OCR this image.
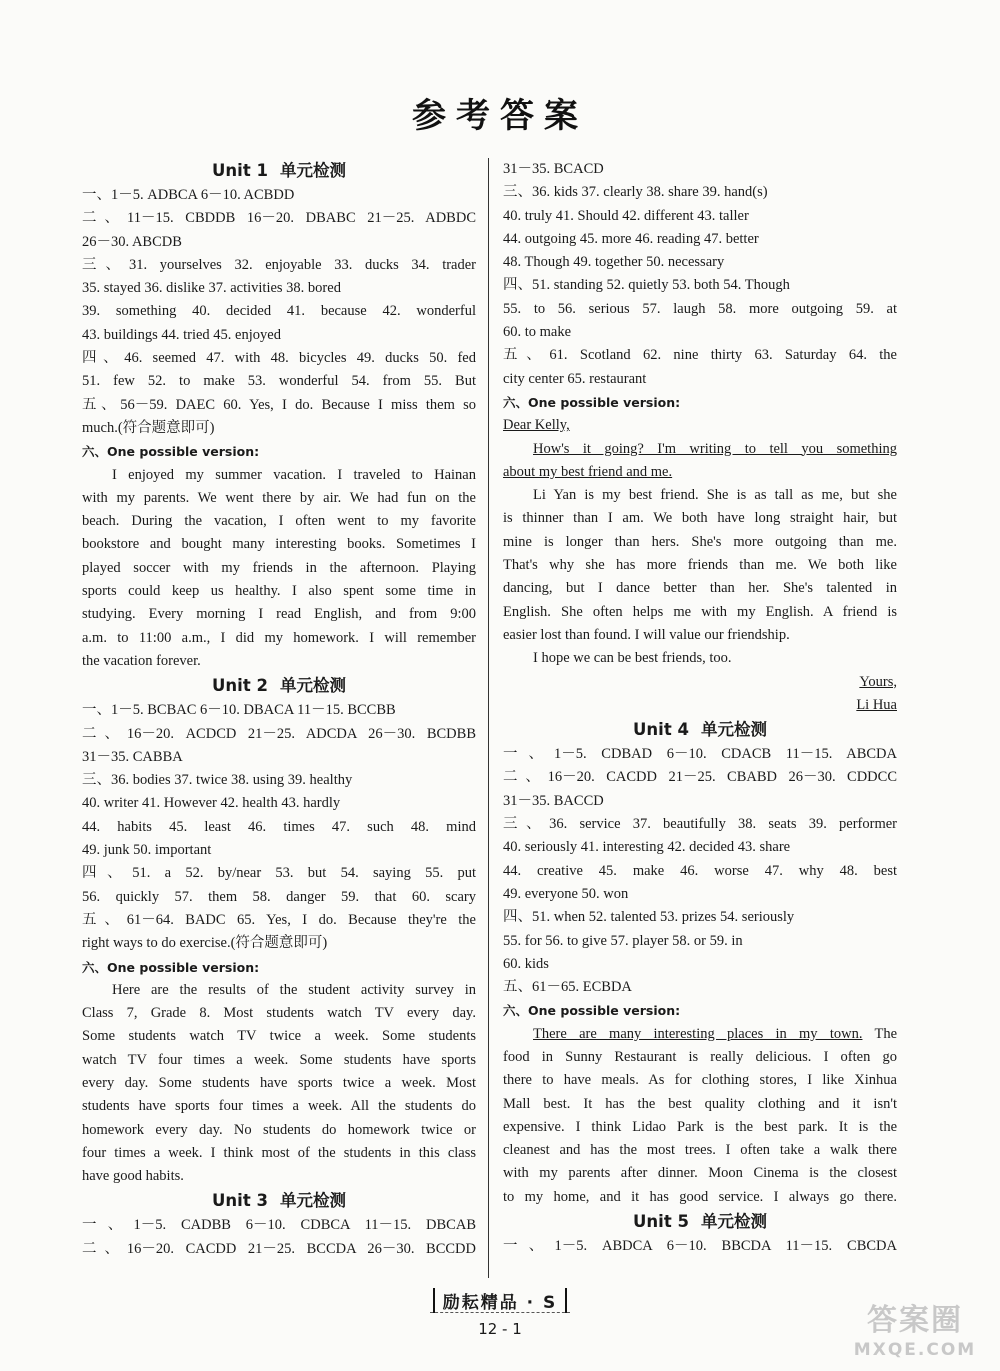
参考答案
Unit 1 单元检测
一、1－5. ADBCA 6－10. ACBDD
二、11－15. CBDDB 16－20. DBABC 21－25. ADBDC
26－30. ABCDB
三、31. yourselves 32. enjoyable 33. ducks 34. trader
35. stayed 36. dislike 37. activities 38. bored
39. something 40. decided 41. because 42. wonderful
43. buildings 44. tried 45. enjoyed
四、46. seemed 47. with 48. bicycles 49. ducks 50. fed
51. few 52. to make 53. wonderful 54. from 55. But
五、56－59. DAEC 60. Yes, I do. Because I miss them so
much.(符合题意即可)
六、One possible version:
I enjoyed my summer vacation. I traveled to Hainan
with my parents. We went there by air. We had fun on the
beach. During the vacation, I often went to my favorite
bookstore and bought many interesting books. Sometimes I
played soccer with my friends in the afternoon. Playing
sports could keep us healthy. I also spent some time in
studying. Every morning I read English, and from 9:00
a.m. to 11:00 a.m., I did my homework. I will remember
the vacation forever.
Unit 2 单元检测
一、1－5. BCBAC 6－10. DBACA 11－15. BCCBB
二、16－20. ACDCD 21－25. ADCDA 26－30. BCDBB
31－35. CABBA
三、36. bodies 37. twice 38. using 39. healthy
40. writer 41. However 42. health 43. hardly
44. habits 45. least 46. times 47. such 48. mind
49. junk 50. important
四、51. a 52. by/near 53. but 54. saying 55. put
56. quickly 57. them 58. danger 59. that 60. scary
五、61－64. BADC 65. Yes, I do. Because they're the
right ways to do exercise.(符合题意即可)
六、One possible version:
Here are the results of the student activity survey in
Class 7, Grade 8. Most students watch TV every day.
Some students watch TV twice a week. Some students
watch TV four times a week. Some students have sports
every day. Some students have sports twice a week. Most
students have sports four times a week. All the students do
homework every day. No students do homework twice or
four times a week. I think most of the students in this class
have good habits.
Unit 3 单元检测
一、1－5. CADBB 6－10. CDBCA 11－15. DBCAB
二、16－20. CACDD 21－25. BCCDA 26－30. BCCDD
31－35. BCACD
三、36. kids 37. clearly 38. share 39. hand(s)
40. truly 41. Should 42. different 43. taller
44. outgoing 45. more 46. reading 47. better
48. Though 49. together 50. necessary
四、51. standing 52. quietly 53. both 54. Though
55. to 56. serious 57. laugh 58. more outgoing 59. at
60. to make
五、61. Scotland 62. nine thirty 63. Saturday 64. the
city center 65. restaurant
六、One possible version:
Dear Kelly,
How's it going? I'm writing to tell you something
about my best friend and me.
Li Yan is my best friend. She is as tall as me, but she
is thinner than I am. We both have long straight hair, but
mine is longer than hers. She's more outgoing than me.
That's why she has more friends than me. We both like
dancing, but I dance better than her. She's talented in
English. She often helps me with my English. A friend is
easier lost than found. I will value our friendship.
I hope we can be best friends, too.
Yours,
Li Hua
Unit 4 单元检测
一、1－5. CDBAD 6－10. CDACB 11－15. ABCDA
二、16－20. CACDD 21－25. CBABD 26－30. CDDCC
31－35. BACCD
三、36. service 37. beautifully 38. seats 39. performer
40. seriously 41. interesting 42. decided 43. share
44. creative 45. make 46. worse 47. why 48. best
49. everyone 50. won
四、51. when 52. talented 53. prizes 54. seriously
55. for 56. to give 57. player 58. or 59. in
60. kids
五、61－65. ECBDA
六、One possible version:
There are many interesting places in my town. The
food in Sunny Restaurant is really delicious. I often go
there to have meals. As for clothing stores, I like Xinhua
Mall best. It has the best quality clothing and it isn't
expensive. I think Lidao Park is the best park. It is the
cleanest and has the most trees. I often take a walk there
with my parents after dinner. Moon Cinema is the closest
to my home, and it has good service. I always go there.
Unit 5 单元检测
一、1－5. ABDCA 6－10. BBCDA 11－15. CBCDA
励耘精品 · S
12 - 1	答案圈
MXQE.COM
